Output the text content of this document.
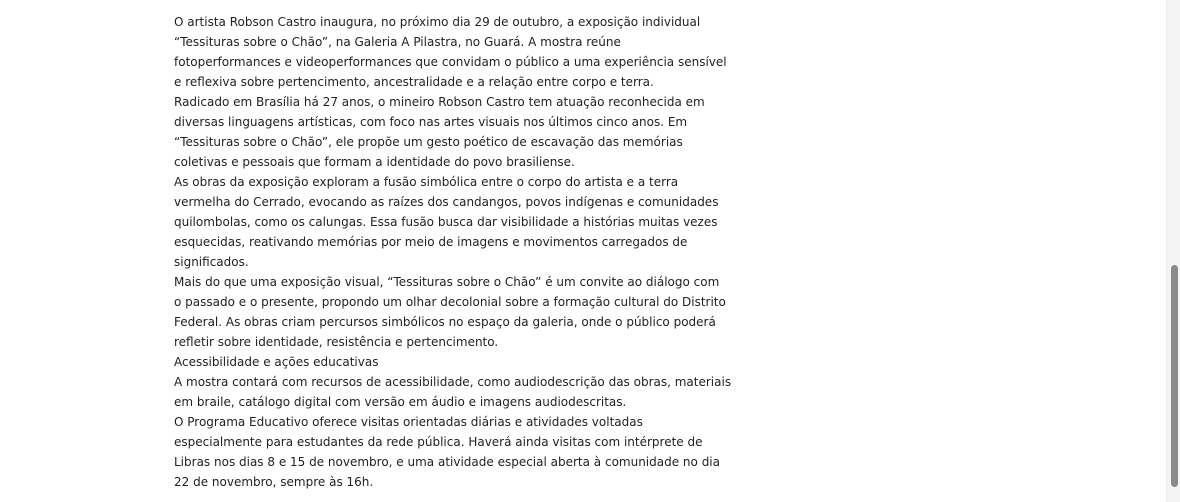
O artista Robson Castro inaugura, no próximo dia 29 de outubro, a exposição individual
“Tessituras sobre o Chão”, na Galeria A Pilastra, no Guará. A mostra reúne
fotoperformances e videoperformances que convidam o público a uma experiência sensível
e reflexiva sobre pertencimento, ancestralidade e a relação entre corpo e terra.

Radicado em Brasília há 27 anos, o mineiro Robson Castro tem atuação reconhecida em
diversas linguagens artísticas, com foco nas artes visuais nos últimos cinco anos. Em
“Tessituras sobre o Chão”, ele propõe um gesto poético de escavação das memórias
coletivas e pessoais que formam a identidade do povo brasiliense.

As obras da exposição exploram a fusão simbólica entre o corpo do artista e a terra
vermelha do Cerrado, evocando as raízes dos candangos, povos indígenas e comunidades
quilombolas, como os calungas. Essa fusão busca dar visibilidade a histórias muitas vezes
esquecidas, reativando memórias por meio de imagens e movimentos carregados de
significados.

Mais do que uma exposição visual, “Tessituras sobre o Chão” é um convite ao diálogo com
o passado e o presente, propondo um olhar decolonial sobre a formação cultural do Distrito
Federal. As obras criam percursos simbólicos no espaço da galeria, onde o público poderá
refletir sobre identidade, resistência e pertencimento.

Acessibilidade e ações educativas

A mostra contará com recursos de acessibilidade, como audiodescrição das obras, materiais
em braile, catálogo digital com versão em áudio e imagens audiodescritas.

O Programa Educativo oferece visitas orientadas diárias e atividades voltadas
especialmente para estudantes da rede pública. Haverá ainda visitas com intérprete de
Libras nos dias 8 e 15 de novembro, e uma atividade especial aberta à comunidade no dia
22 de novembro, sempre às 16h.
